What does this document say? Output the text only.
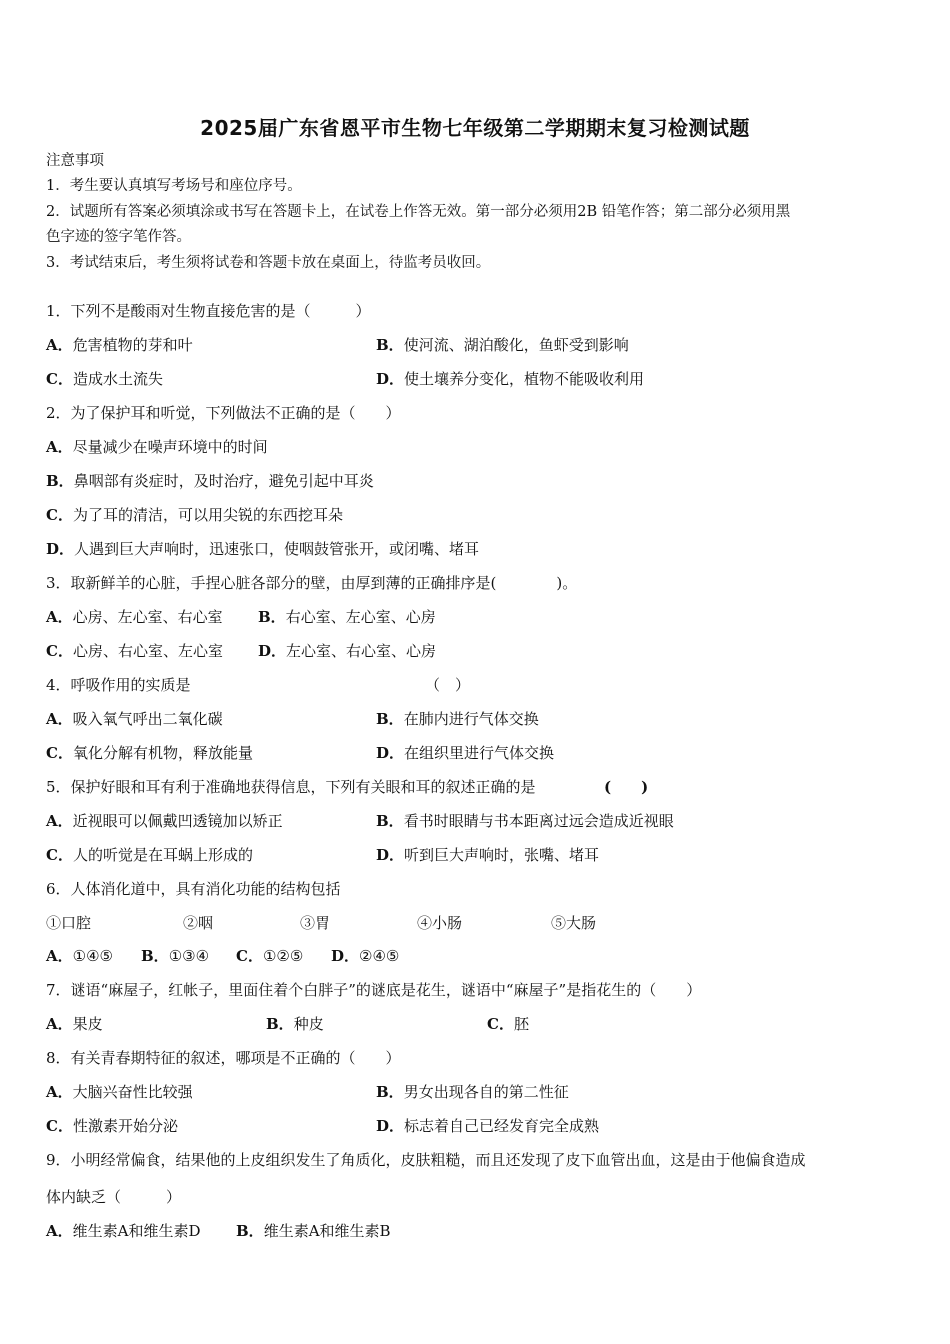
2025届广东省恩平市生物七年级第二学期期末复习检测试题
注意事项
1．考生要认真填写考场号和座位序号。
2．试题所有答案必须填涂或书写在答题卡上，在试卷上作答无效。第一部分必须用2B 铅笔作答；第二部分必须用黑
色字迹的签字笔作答。
3．考试结束后，考生须将试卷和答题卡放在桌面上，待监考员收回。
1．下列不是酸雨对生物直接危害的是（　　　）
A．危害植物的芽和叶	B．使河流、湖泊酸化，鱼虾受到影响
C．造成水土流失	D．使土壤养分变化，植物不能吸收利用
2．为了保护耳和听觉，下列做法不正确的是（　　）
A．尽量减少在噪声环境中的时间
B．鼻咽部有炎症时，及时治疗，避免引起中耳炎
C．为了耳的清洁，可以用尖锐的东西挖耳朵
D．人遇到巨大声响时，迅速张口，使咽鼓管张开，或闭嘴、堵耳
3．取新鲜羊的心脏，手捏心脏各部分的壁，由厚到薄的正确排序是(　　　　)。
A．心房、左心室、右心室 B．右心室、左心室、心房
C．心房、右心室、左心室 D．左心室、右心室、心房
4．呼吸作用的实质是	（　）
A．吸入氧气呼出二氧化碳	B．在肺内进行气体交换
C．氧化分解有机物，释放能量	D．在组织里进行气体交换
5．保护好眼和耳有利于准确地获得信息，下列有关眼和耳的叙述正确的是	(　　)
A．近视眼可以佩戴凹透镜加以矫正	B．看书时眼睛与书本距离过远会造成近视眼
C．人的听觉是在耳蜗上形成的	D．听到巨大声响时，张嘴、堵耳
6．人体消化道中，具有消化功能的结构包括
①口腔	②咽	③胃	④小肠	⑤大肠
A．①④⑤ B．①③④ C．①②⑤ D．②④⑤
7．谜语“麻屋子，红帐子，里面住着个白胖子”的谜底是花生，谜语中“麻屋子”是指花生的（　　）
A．果皮	B．种皮	C．胚
8．有关青春期特征的叙述，哪项是不正确的（　　）
A．大脑兴奋性比较强	B．男女出现各自的第二性征
C．性激素开始分泌	D．标志着自己已经发育完全成熟
9．小明经常偏食，结果他的上皮组织发生了角质化，皮肤粗糙，而且还发现了皮下血管出血，这是由于他偏食造成
体内缺乏（　　　）
A．维生素A和维生素D B．维生素A和维生素B
